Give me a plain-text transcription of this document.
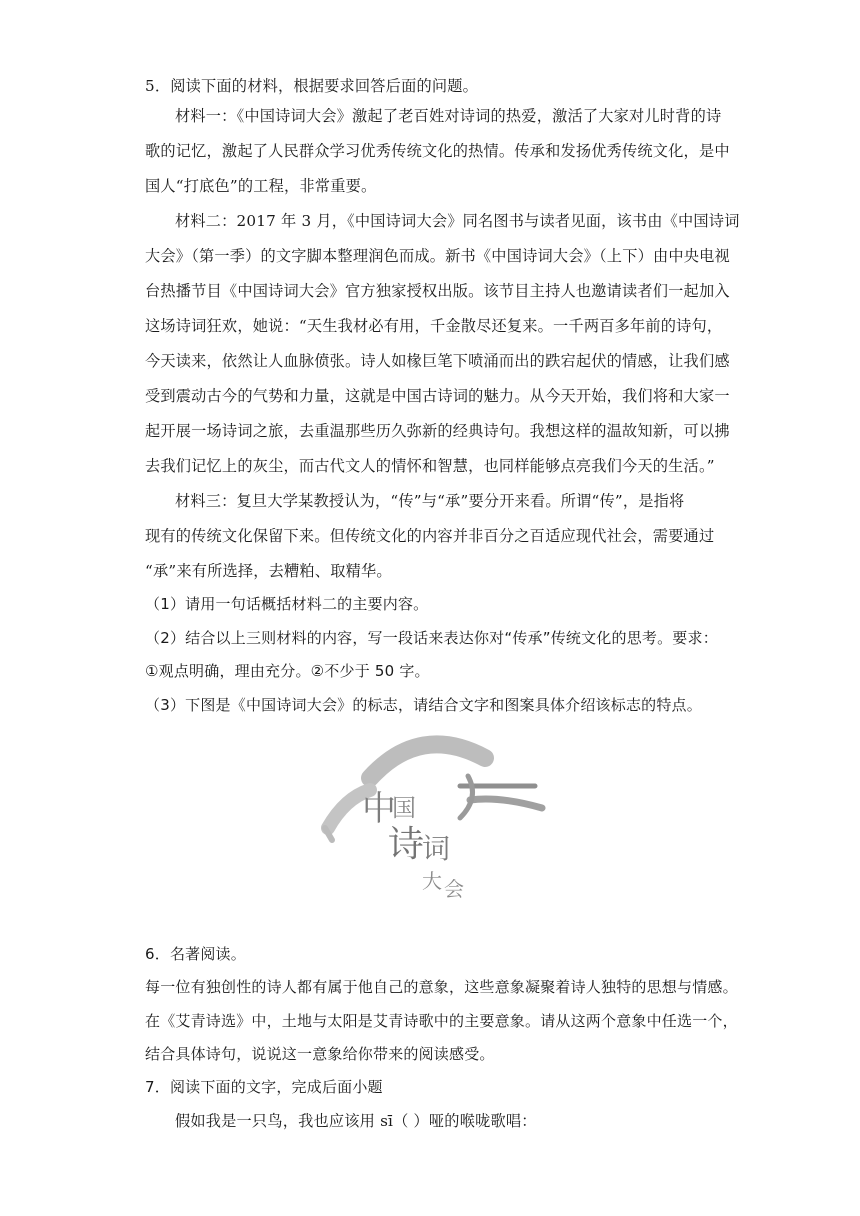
5．阅读下面的材料，根据要求回答后面的问题。
材料一：《中国诗词大会》激起了老百姓对诗词的热爱，激活了大家对儿时背的诗
歌的记忆，激起了人民群众学习优秀传统文化的热情。传承和发扬优秀传统文化，是中
国人“打底色”的工程，非常重要。
材料二：2017 年 3 月，《中国诗词大会》同名图书与读者见面，该书由《中国诗词
大会》（第一季）的文字脚本整理润色而成。新书《中国诗词大会》（上下）由中央电视
台热播节目《中国诗词大会》官方独家授权出版。该节目主持人也邀请读者们一起加入
这场诗词狂欢，她说：“天生我材必有用，千金散尽还复来。一千两百多年前的诗句，
今天读来，依然让人血脉偾张。诗人如椽巨笔下喷涌而出的跌宕起伏的情感，让我们感
受到震动古今的气势和力量，这就是中国古诗词的魅力。从今天开始，我们将和大家一
起开展一场诗词之旅，去重温那些历久弥新的经典诗句。我想这样的温故知新，可以拂
去我们记忆上的灰尘，而古代文人的情怀和智慧，也同样能够点亮我们今天的生活。”
材料三：复旦大学某教授认为，“传”与“承”要分开来看。所谓“传”，是指将
现有的传统文化保留下来。但传统文化的内容并非百分之百适应现代社会，需要通过
“承”来有所选择，去糟粕、取精华。
（1）请用一句话概括材料二的主要内容。
（2）结合以上三则材料的内容，写一段话来表达你对“传承”传统文化的思考。要求：
①观点明确，理由充分。②不少于 50 字。
（3）下图是《中国诗词大会》的标志，请结合文字和图案具体介绍该标志的特点。
中
国
诗
词
大 会
6．名著阅读。
每一位有独创性的诗人都有属于他自己的意象，这些意象凝聚着诗人独特的思想与情感。
在《艾青诗选》中，土地与太阳是艾青诗歌中的主要意象。请从这两个意象中任选一个，
结合具体诗句，说说这一意象给你带来的阅读感受。
7．阅读下面的文字，完成后面小题
假如我是一只鸟，我也应该用 sī（ ）哑的喉咙歌唱：
